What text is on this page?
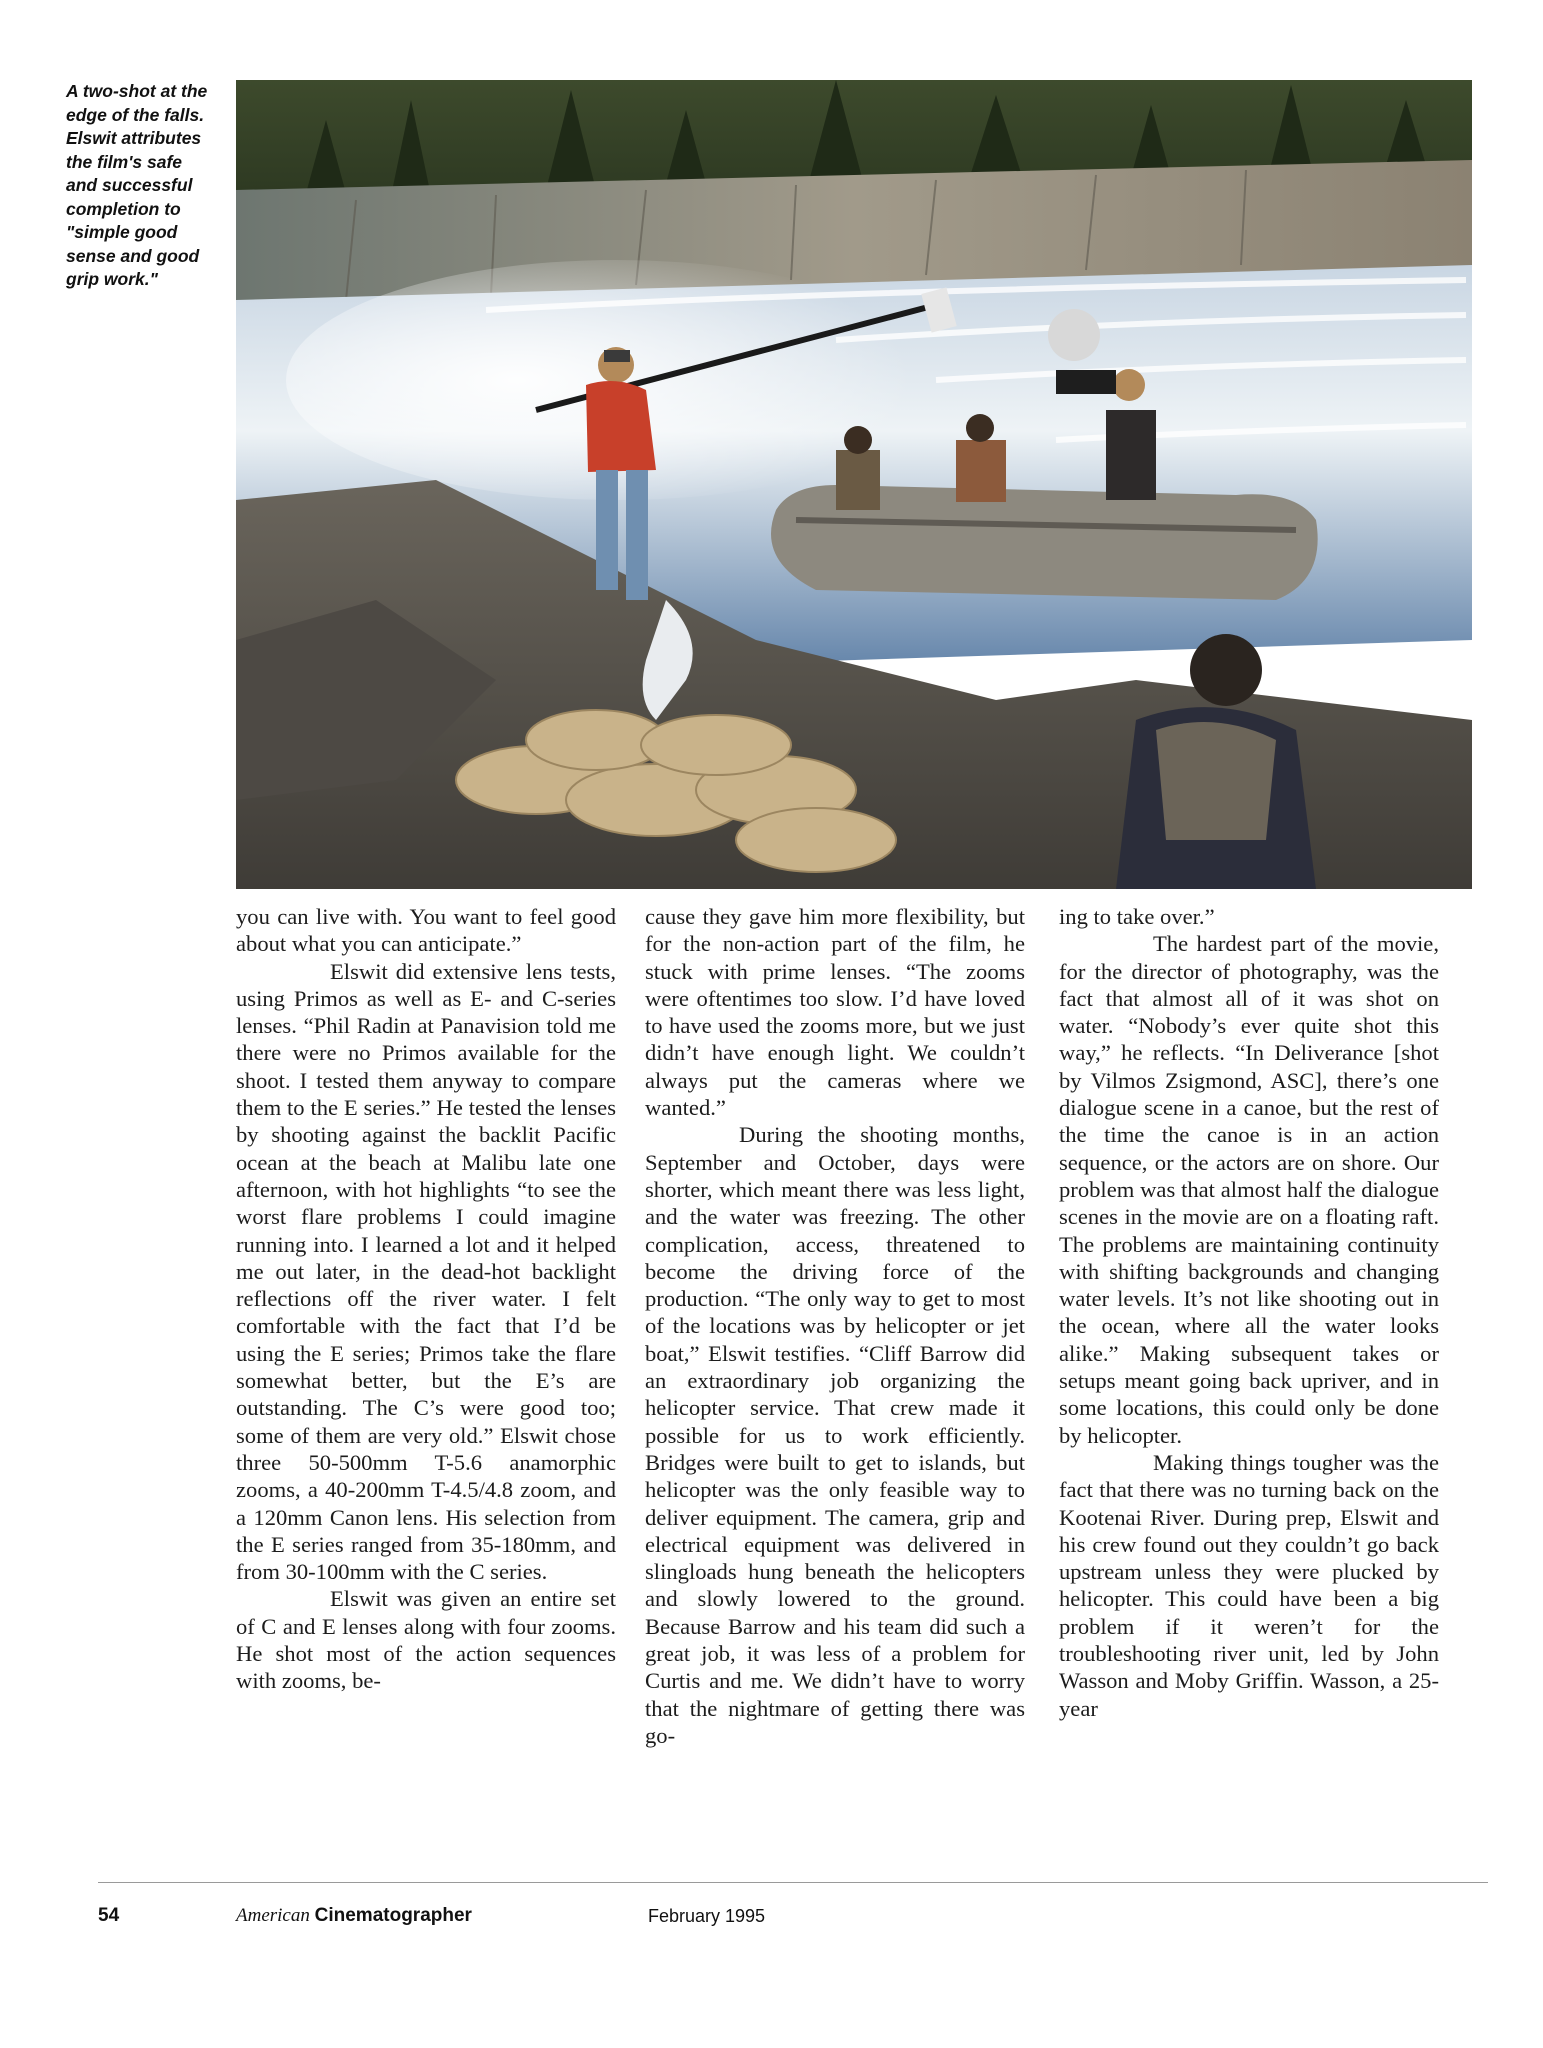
A two-shot at the edge of the falls. Elswit attributes the film's safe and successful completion to "simple good sense and good grip work."

you can live with. You want to feel good about what you can anticipate.”

Elswit did extensive lens tests, using Primos as well as E- and C-series lenses. “Phil Radin at Panavision told me there were no Primos available for the shoot. I tested them anyway to compare them to the E series.” He tested the lenses by shooting against the backlit Pacific ocean at the beach at Malibu late one afternoon, with hot highlights “to see the worst flare problems I could imagine running into. I learned a lot and it helped me out later, in the dead-hot backlight reflections off the river water. I felt comfortable with the fact that I’d be using the E series; Primos take the flare somewhat better, but the E’s are outstanding. The C’s were good too; some of them are very old.” Elswit chose three 50-500mm T-5.6 anamorphic zooms, a 40-200mm T-4.5/4.8 zoom, and a 120mm Canon lens. His selection from the E series ranged from 35-180mm, and from 30-100mm with the C series.

Elswit was given an entire set of C and E lenses along with four zooms. He shot most of the action sequences with zooms, be-

cause they gave him more flexibility, but for the non-action part of the film, he stuck with prime lenses. “The zooms were oftentimes too slow. I’d have loved to have used the zooms more, but we just didn’t have enough light. We couldn’t always put the cameras where we wanted.”

During the shooting months, September and October, days were shorter, which meant there was less light, and the water was freezing. The other complication, access, threatened to become the driving force of the production. “The only way to get to most of the locations was by helicopter or jet boat,” Elswit testifies. “Cliff Barrow did an extraordinary job organizing the helicopter service. That crew made it possible for us to work efficiently. Bridges were built to get to islands, but helicopter was the only feasible way to deliver equipment. The camera, grip and electrical equipment was delivered in slingloads hung beneath the helicopters and slowly lowered to the ground. Because Barrow and his team did such a great job, it was less of a problem for Curtis and me. We didn’t have to worry that the nightmare of getting there was go-

ing to take over.”

The hardest part of the movie, for the director of photography, was the fact that almost all of it was shot on water. “Nobody’s ever quite shot this way,” he reflects. “In Deliverance [shot by Vilmos Zsigmond, ASC], there’s one dialogue scene in a canoe, but the rest of the time the canoe is in an action sequence, or the actors are on shore. Our problem was that almost half the dialogue scenes in the movie are on a floating raft. The problems are maintaining continuity with shifting backgrounds and changing water levels. It’s not like shooting out in the ocean, where all the water looks alike.” Making subsequent takes or setups meant going back upriver, and in some locations, this could only be done by helicopter.

Making things tougher was the fact that there was no turning back on the Kootenai River. During prep, Elswit and his crew found out they couldn’t go back upstream unless they were plucked by helicopter. This could have been a big problem if it weren’t for the troubleshooting river unit, led by John Wasson and Moby Griffin. Wasson, a 25-year

54	American Cinematographer	February 1995
